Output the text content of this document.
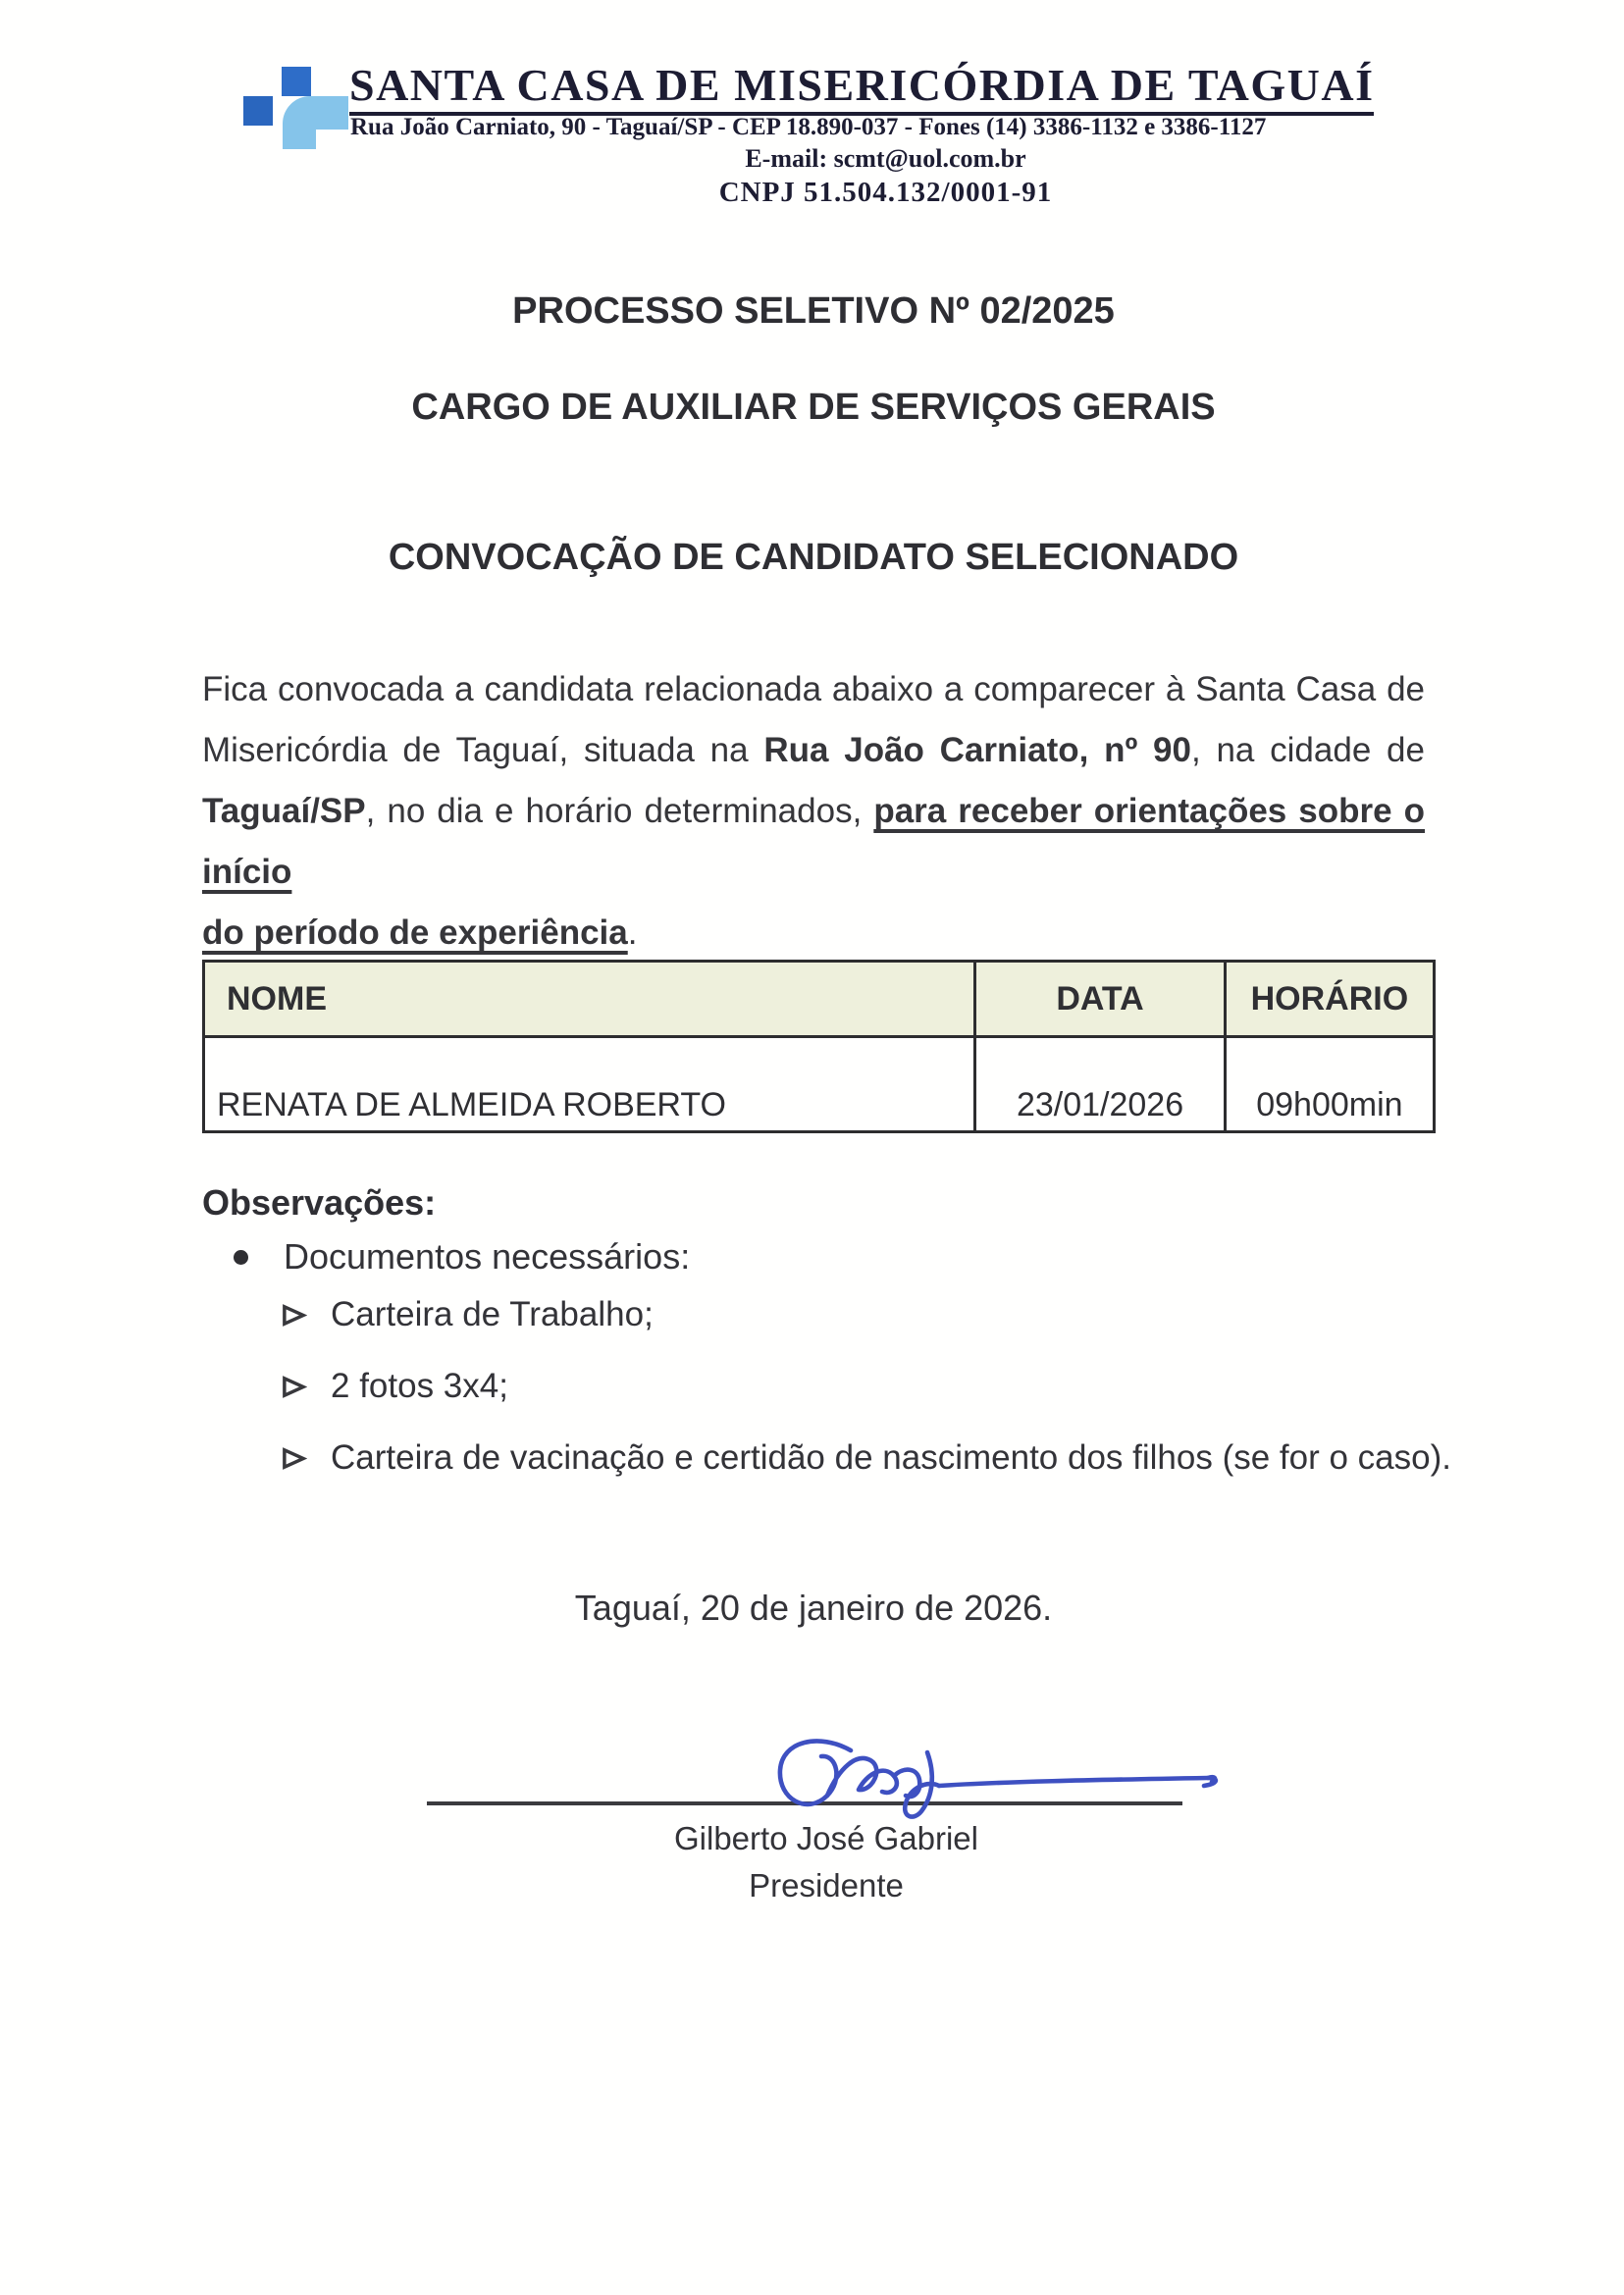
SANTA CASA DE MISERICÓRDIA DE TAGUAÍ
Rua João Carniato, 90 - Taguaí/SP - CEP 18.890-037 - Fones (14) 3386-1132 e 3386-1127
E-mail: scmt@uol.com.br
CNPJ 51.504.132/0001-91
PROCESSO SELETIVO Nº 02/2025
CARGO DE AUXILIAR DE SERVIÇOS GERAIS
CONVOCAÇÃO DE CANDIDATO SELECIONADO
Fica convocada a candidata relacionada abaixo a comparecer à Santa Casa de
Misericórdia de Taguaí, situada na Rua João Carniato, nº 90, na cidade de
Taguaí/SP, no dia e horário determinados, para receber orientações sobre o início
do período de experiência.
NOME	DATA	HORÁRIO
RENATA DE ALMEIDA ROBERTO	23/01/2026	09h00min
Observações:
Documentos necessários:
Carteira de Trabalho;
2 fotos 3x4;
Carteira de vacinação e certidão de nascimento dos filhos (se for o caso).
Taguaí, 20 de janeiro de 2026.
Gilberto José Gabriel
Presidente
